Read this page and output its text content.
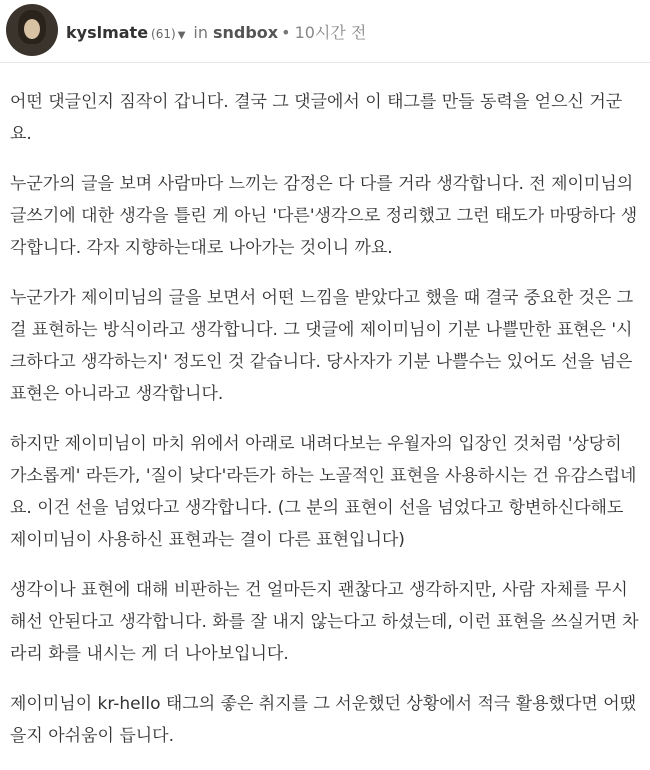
kyslmate (61) ▼ in sndbox • 10시간 전

어떤 댓글인지 짐작이 갑니다. 결국 그 댓글에서 이 태그를 만들 동력을 얻으신 거군요.

누군가의 글을 보며 사람마다 느끼는 감정은 다 다를 거라 생각합니다. 전 제이미님의 글쓰기에 대한 생각을 틀린 게 아닌 '다른'생각으로 정리했고 그런 태도가 마땅하다 생각합니다. 각자 지향하는대로 나아가는 것이니 까요.

누군가가 제이미님의 글을 보면서 어떤 느낌을 받았다고 했을 때 결국 중요한 것은 그걸 표현하는 방식이라고 생각합니다. 그 댓글에 제이미님이 기분 나쁠만한 표현은 '시크하다고 생각하는지' 정도인 것 같습니다. 당사자가 기분 나쁠수는 있어도 선을 넘은 표현은 아니라고 생각합니다.

하지만 제이미님이 마치 위에서 아래로 내려다보는 우월자의 입장인 것처럼 '상당히 가소롭게' 라든가, '질이 낮다'라든가 하는 노골적인 표현을 사용하시는 건 유감스럽네요. 이건 선을 넘었다고 생각합니다. (그 분의 표현이 선을 넘었다고 항변하신다해도 제이미님이 사용하신 표현과는 결이 다른 표현입니다)

생각이나 표현에 대해 비판하는 건 얼마든지 괜찮다고 생각하지만, 사람 자체를 무시해선 안된다고 생각합니다. 화를 잘 내지 않는다고 하셨는데, 이런 표현을 쓰실거면 차라리 화를 내시는 게 더 나아보입니다.

제이미님이 kr-hello 태그의 좋은 취지를 그 서운했던 상황에서 적극 활용했다면 어땠을지 아쉬움이 듭니다.
